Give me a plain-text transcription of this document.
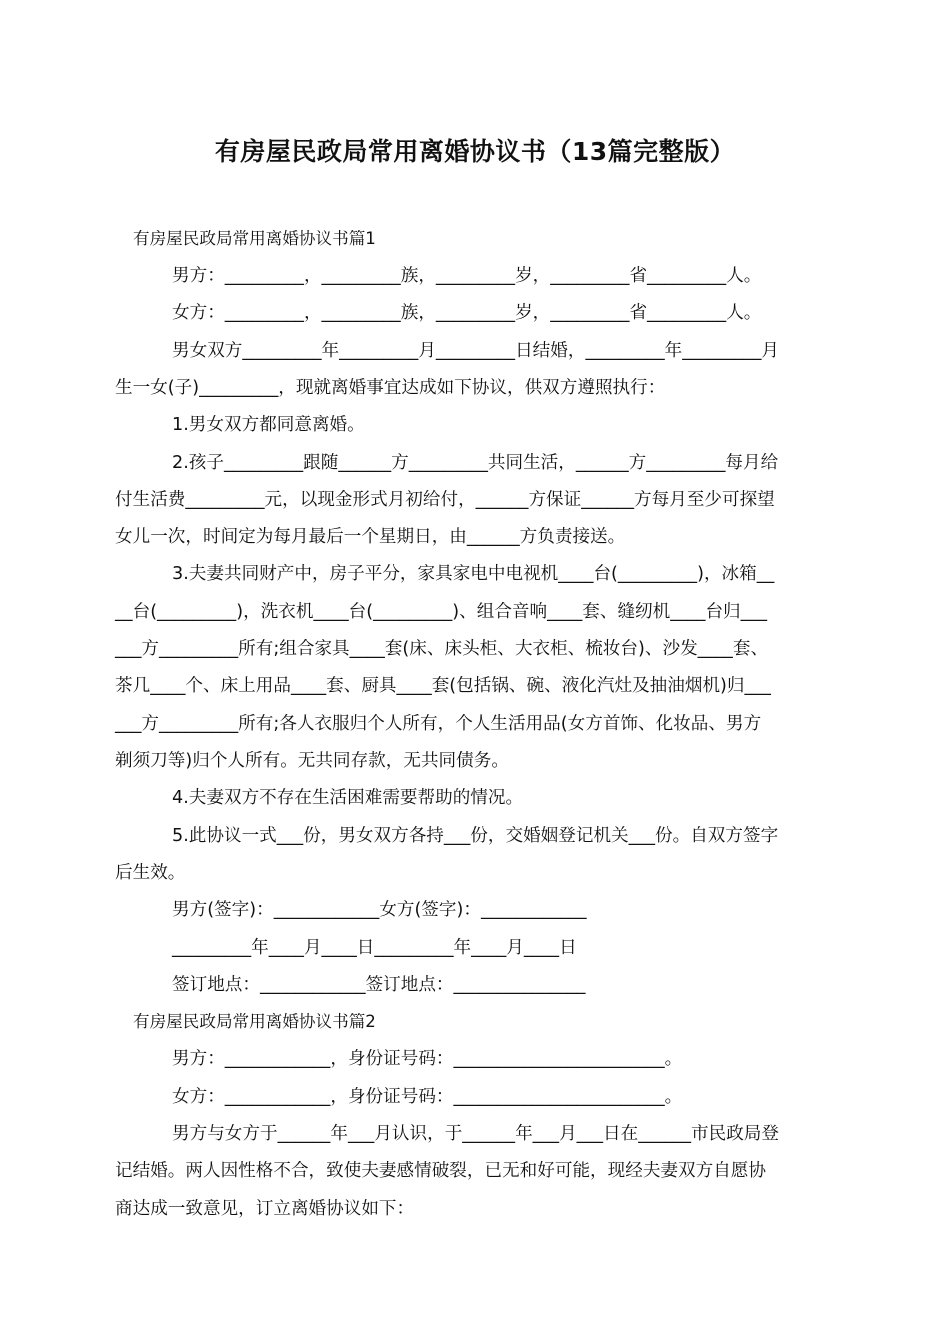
有房屋民政局常用离婚协议书（13篇完整版）
有房屋民政局常用离婚协议书篇1
男方：_________，_________族，_________岁，_________省_________人。
女方：_________，_________族，_________岁，_________省_________人。
男女双方_________年_________月_________日结婚，_________年_________月
生一女(子)_________，现就离婚事宜达成如下协议，供双方遵照执行：
1.男女双方都同意离婚。
2.孩子_________跟随______方_________共同生活，______方_________每月给
付生活费_________元，以现金形式月初给付，______方保证______方每月至少可探望
女儿一次，时间定为每月最后一个星期日，由______方负责接送。
3.夫妻共同财产中，房子平分，家具家电中电视机____台(_________)，冰箱__
__台(_________)，洗衣机____台(_________)、组合音响____套、缝纫机____台归___
___方_________所有;组合家具____套(床、床头柜、大衣柜、梳妆台)、沙发____套、
茶几____个、床上用品____套、厨具____套(包括锅、碗、液化汽灶及抽油烟机)归___
___方_________所有;各人衣服归个人所有，个人生活用品(女方首饰、化妆品、男方
剃须刀等)归个人所有。无共同存款，无共同债务。
4.夫妻双方不存在生活困难需要帮助的情况。
5.此协议一式___份，男女双方各持___份，交婚姻登记机关___份。自双方签字
后生效。
男方(签字)：____________女方(签字)：____________
_________年____月____日_________年____月____日
签订地点：____________签订地点：_______________
有房屋民政局常用离婚协议书篇2
男方：____________，身份证号码：________________________。
女方：____________，身份证号码：________________________。
男方与女方于______年___月认识，于______年___月___日在______市民政局登
记结婚。两人因性格不合，致使夫妻感情破裂，已无和好可能，现经夫妻双方自愿协
商达成一致意见，订立离婚协议如下：
